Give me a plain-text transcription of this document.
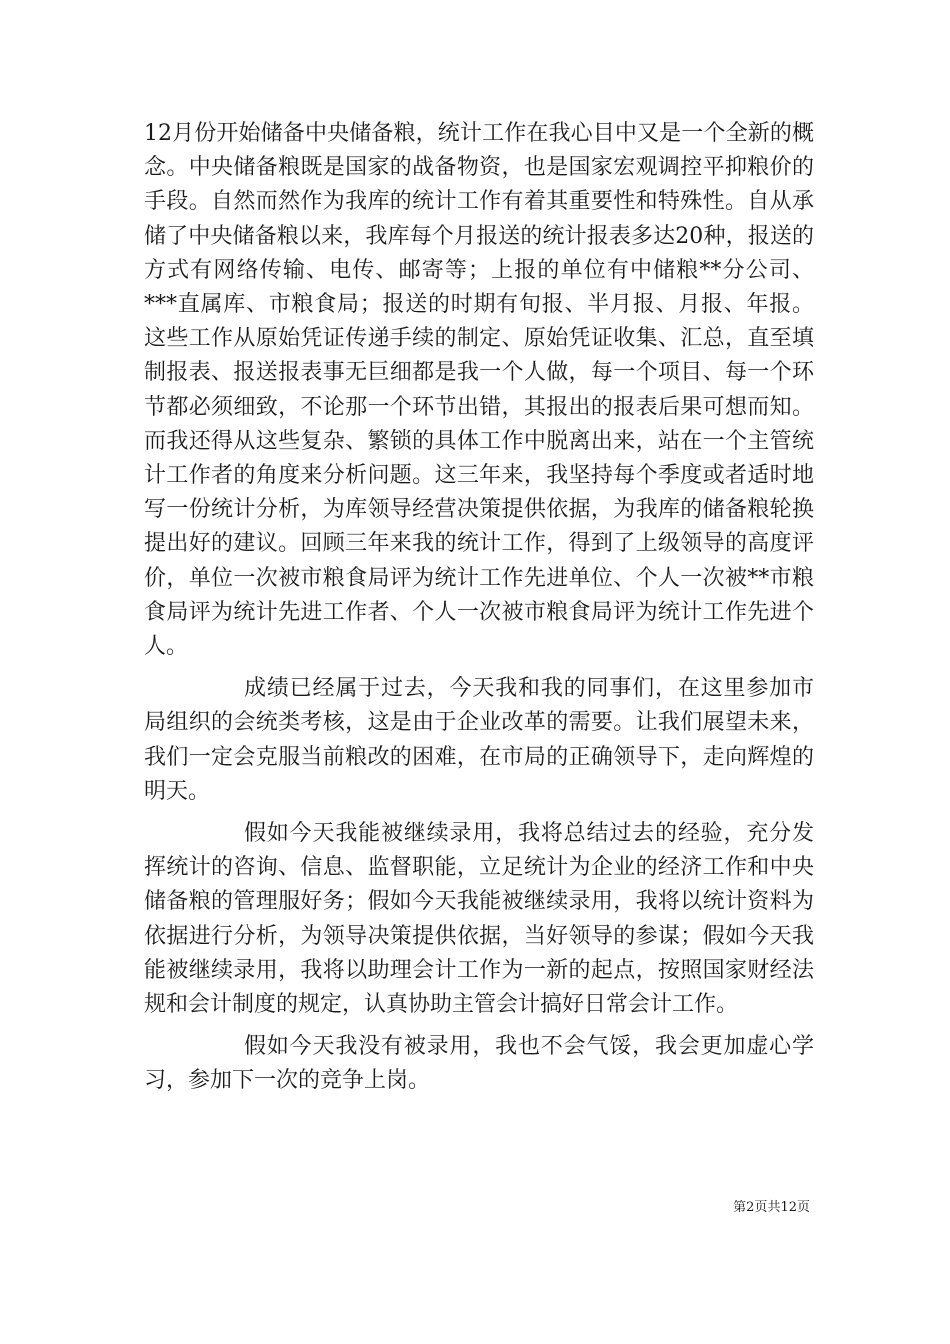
12月份开始储备中央储备粮，统计工作在我心目中又是一个全新的概念。中央储备粮既是国家的战备物资，也是国家宏观调控平抑粮价的手段。自然而然作为我库的统计工作有着其重要性和特殊性。自从承储了中央储备粮以来，我库每个月报送的统计报表多达20种，报送的方式有网络传输、电传、邮寄等；上报的单位有中储粮**分公司、***直属库、市粮食局；报送的时期有旬报、半月报、月报、年报。这些工作从原始凭证传递手续的制定、原始凭证收集、汇总，直至填制报表、报送报表事无巨细都是我一个人做，每一个项目、每一个环节都必须细致，不论那一个环节出错，其报出的报表后果可想而知。而我还得从这些复杂、繁锁的具体工作中脱离出来，站在一个主管统计工作者的角度来分析问题。这三年来，我坚持每个季度或者适时地写一份统计分析，为库领导经营决策提供依据，为我库的储备粮轮换提出好的建议。回顾三年来我的统计工作，得到了上级领导的高度评价，单位一次被市粮食局评为统计工作先进单位、个人一次被**市粮食局评为统计先进工作者、个人一次被市粮食局评为统计工作先进个人。

成绩已经属于过去，今天我和我的同事们，在这里参加市局组织的会统类考核，这是由于企业改革的需要。让我们展望未来，我们一定会克服当前粮改的困难，在市局的正确领导下，走向辉煌的明天。

假如今天我能被继续录用，我将总结过去的经验，充分发挥统计的咨询、信息、监督职能，立足统计为企业的经济工作和中央储备粮的管理服好务；假如今天我能被继续录用，我将以统计资料为依据进行分析，为领导决策提供依据，当好领导的参谋；假如今天我能被继续录用，我将以助理会计工作为一新的起点，按照国家财经法规和会计制度的规定，认真协助主管会计搞好日常会计工作。

假如今天我没有被录用，我也不会气馁，我会更加虚心学习，参加下一次的竞争上岗。

第2页共12页
